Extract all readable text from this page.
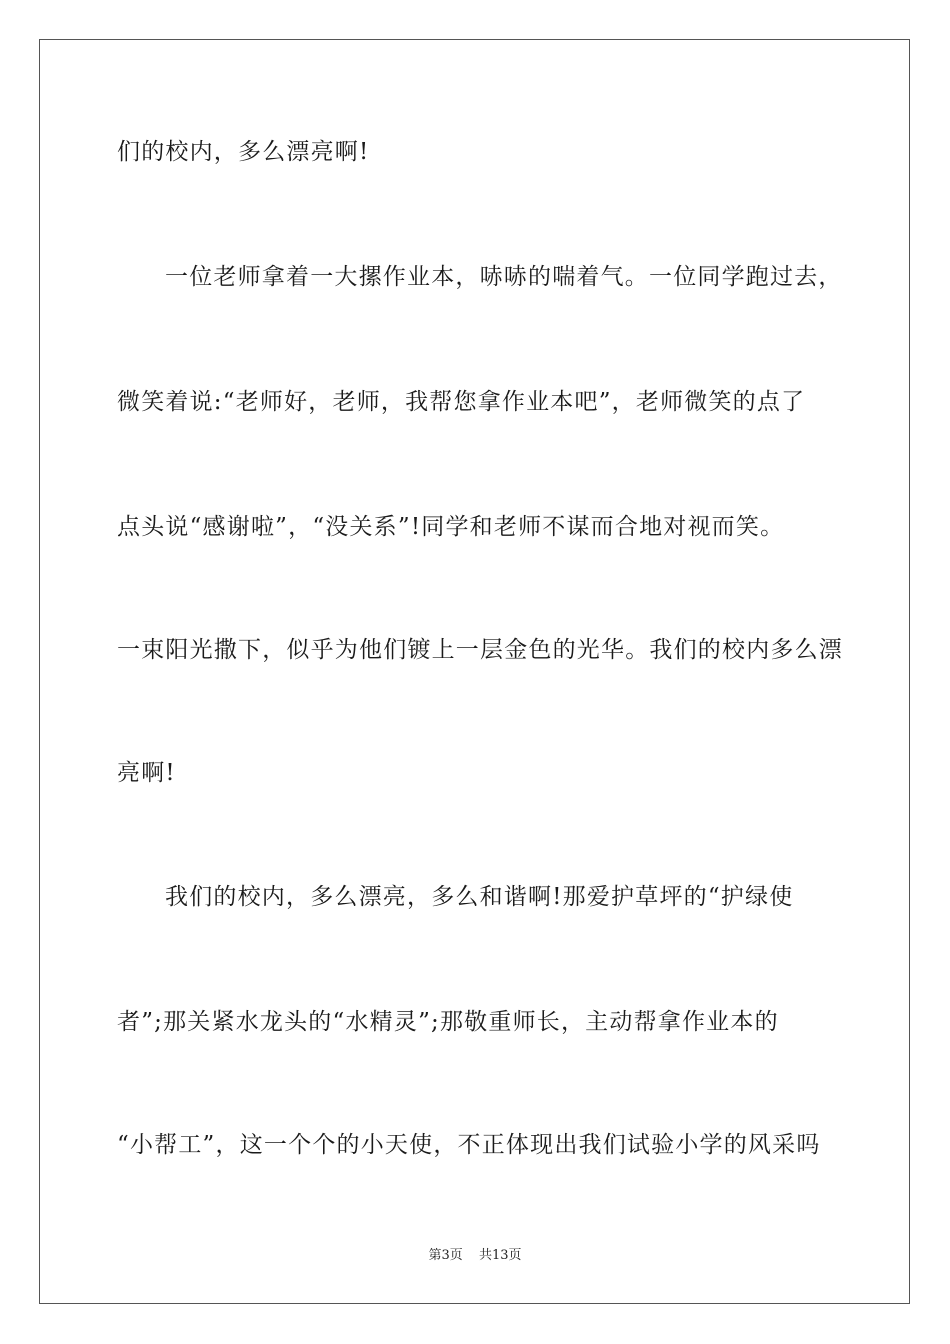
们的校内，多么漂亮啊!
一位老师拿着一大摞作业本，哧哧的喘着气。一位同学跑过去，
微笑着说:“老师好，老师，我帮您拿作业本吧”，老师微笑的点了
点头说“感谢啦”，“没关系”!同学和老师不谋而合地对视而笑。
一束阳光撒下，似乎为他们镀上一层金色的光华。我们的校内多么漂
亮啊!
我们的校内，多么漂亮，多么和谐啊!那爱护草坪的“护绿使
者”;那关紧水龙头的“水精灵”;那敬重师长，主动帮拿作业本的
“小帮工”，这一个个的小天使，不正体现出我们试验小学的风采吗
第3页 共13页
